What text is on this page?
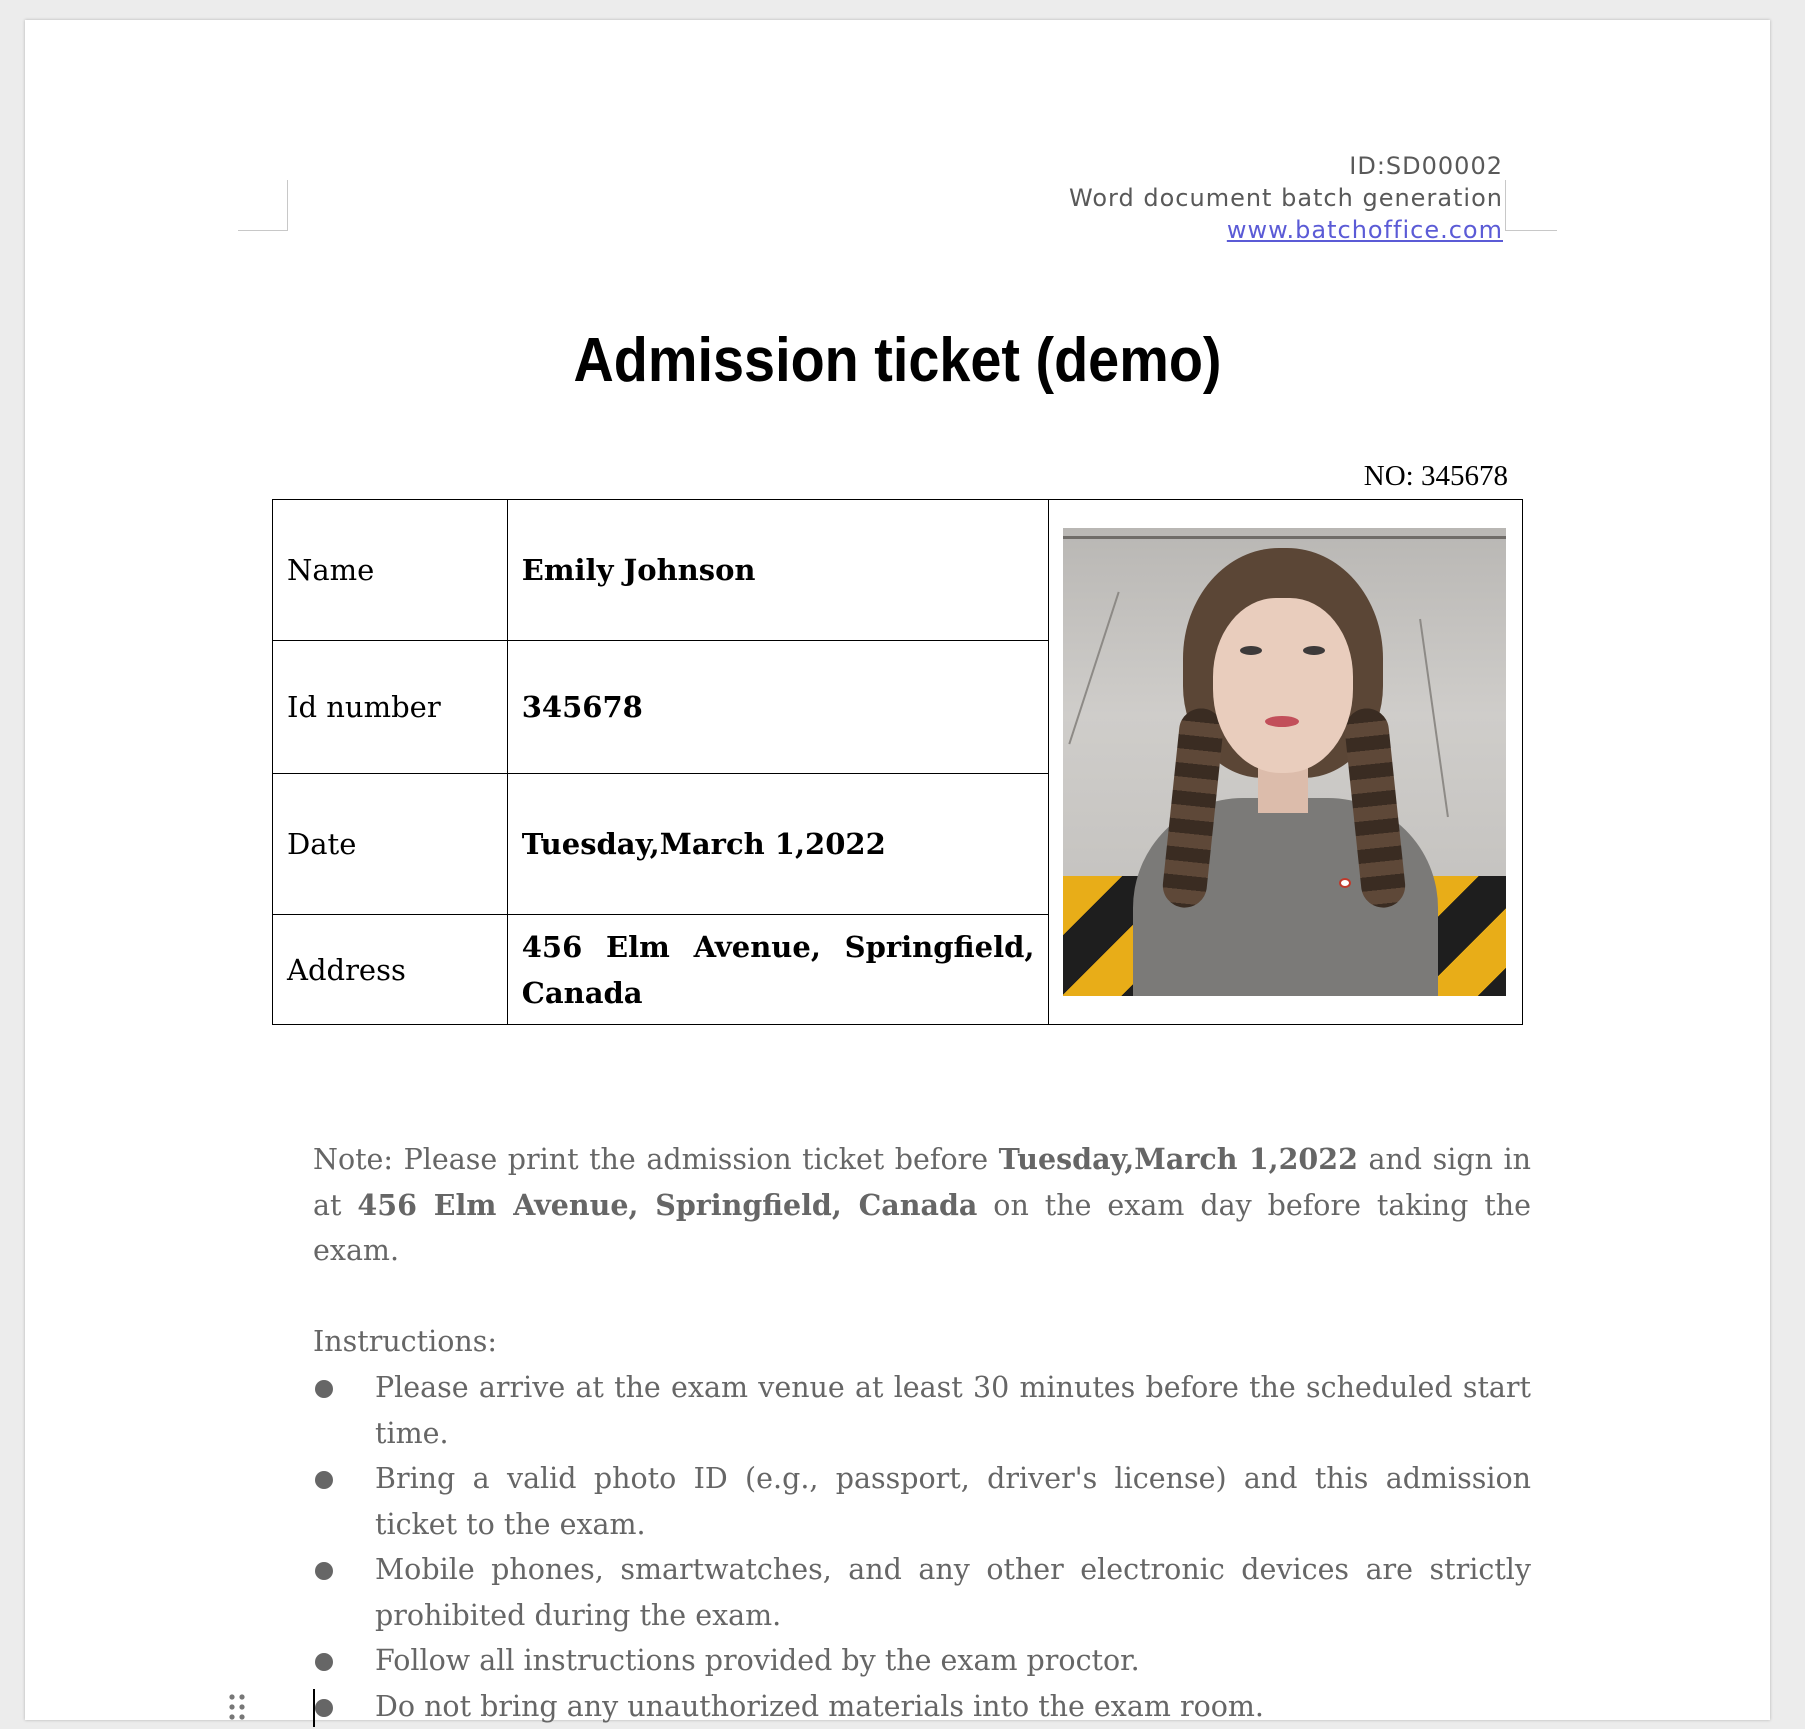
ID:SD00002
Word document batch generation
www.batchoffice.com
Admission ticket (demo)
NO: 345678
Name	Emily Johnson	

Id number	345678	
Date	Tuesday,March 1,2022	
Address	456 Elm Avenue, Springfield, Canada	
Note: Please print the admission ticket before Tuesday,March 1,2022 and sign in at 456 Elm Avenue, Springfield, Canada on the exam day before taking the exam.
Instructions:
Please arrive at the exam venue at least 30 minutes before the scheduled start time.
Bring a valid photo ID (e.g., passport, driver's license) and this admission ticket to the exam.
Mobile phones, smartwatches, and any other electronic devices are strictly prohibited during the exam.
Follow all instructions provided by the exam proctor.
Do not bring any unauthorized materials into the exam room.
